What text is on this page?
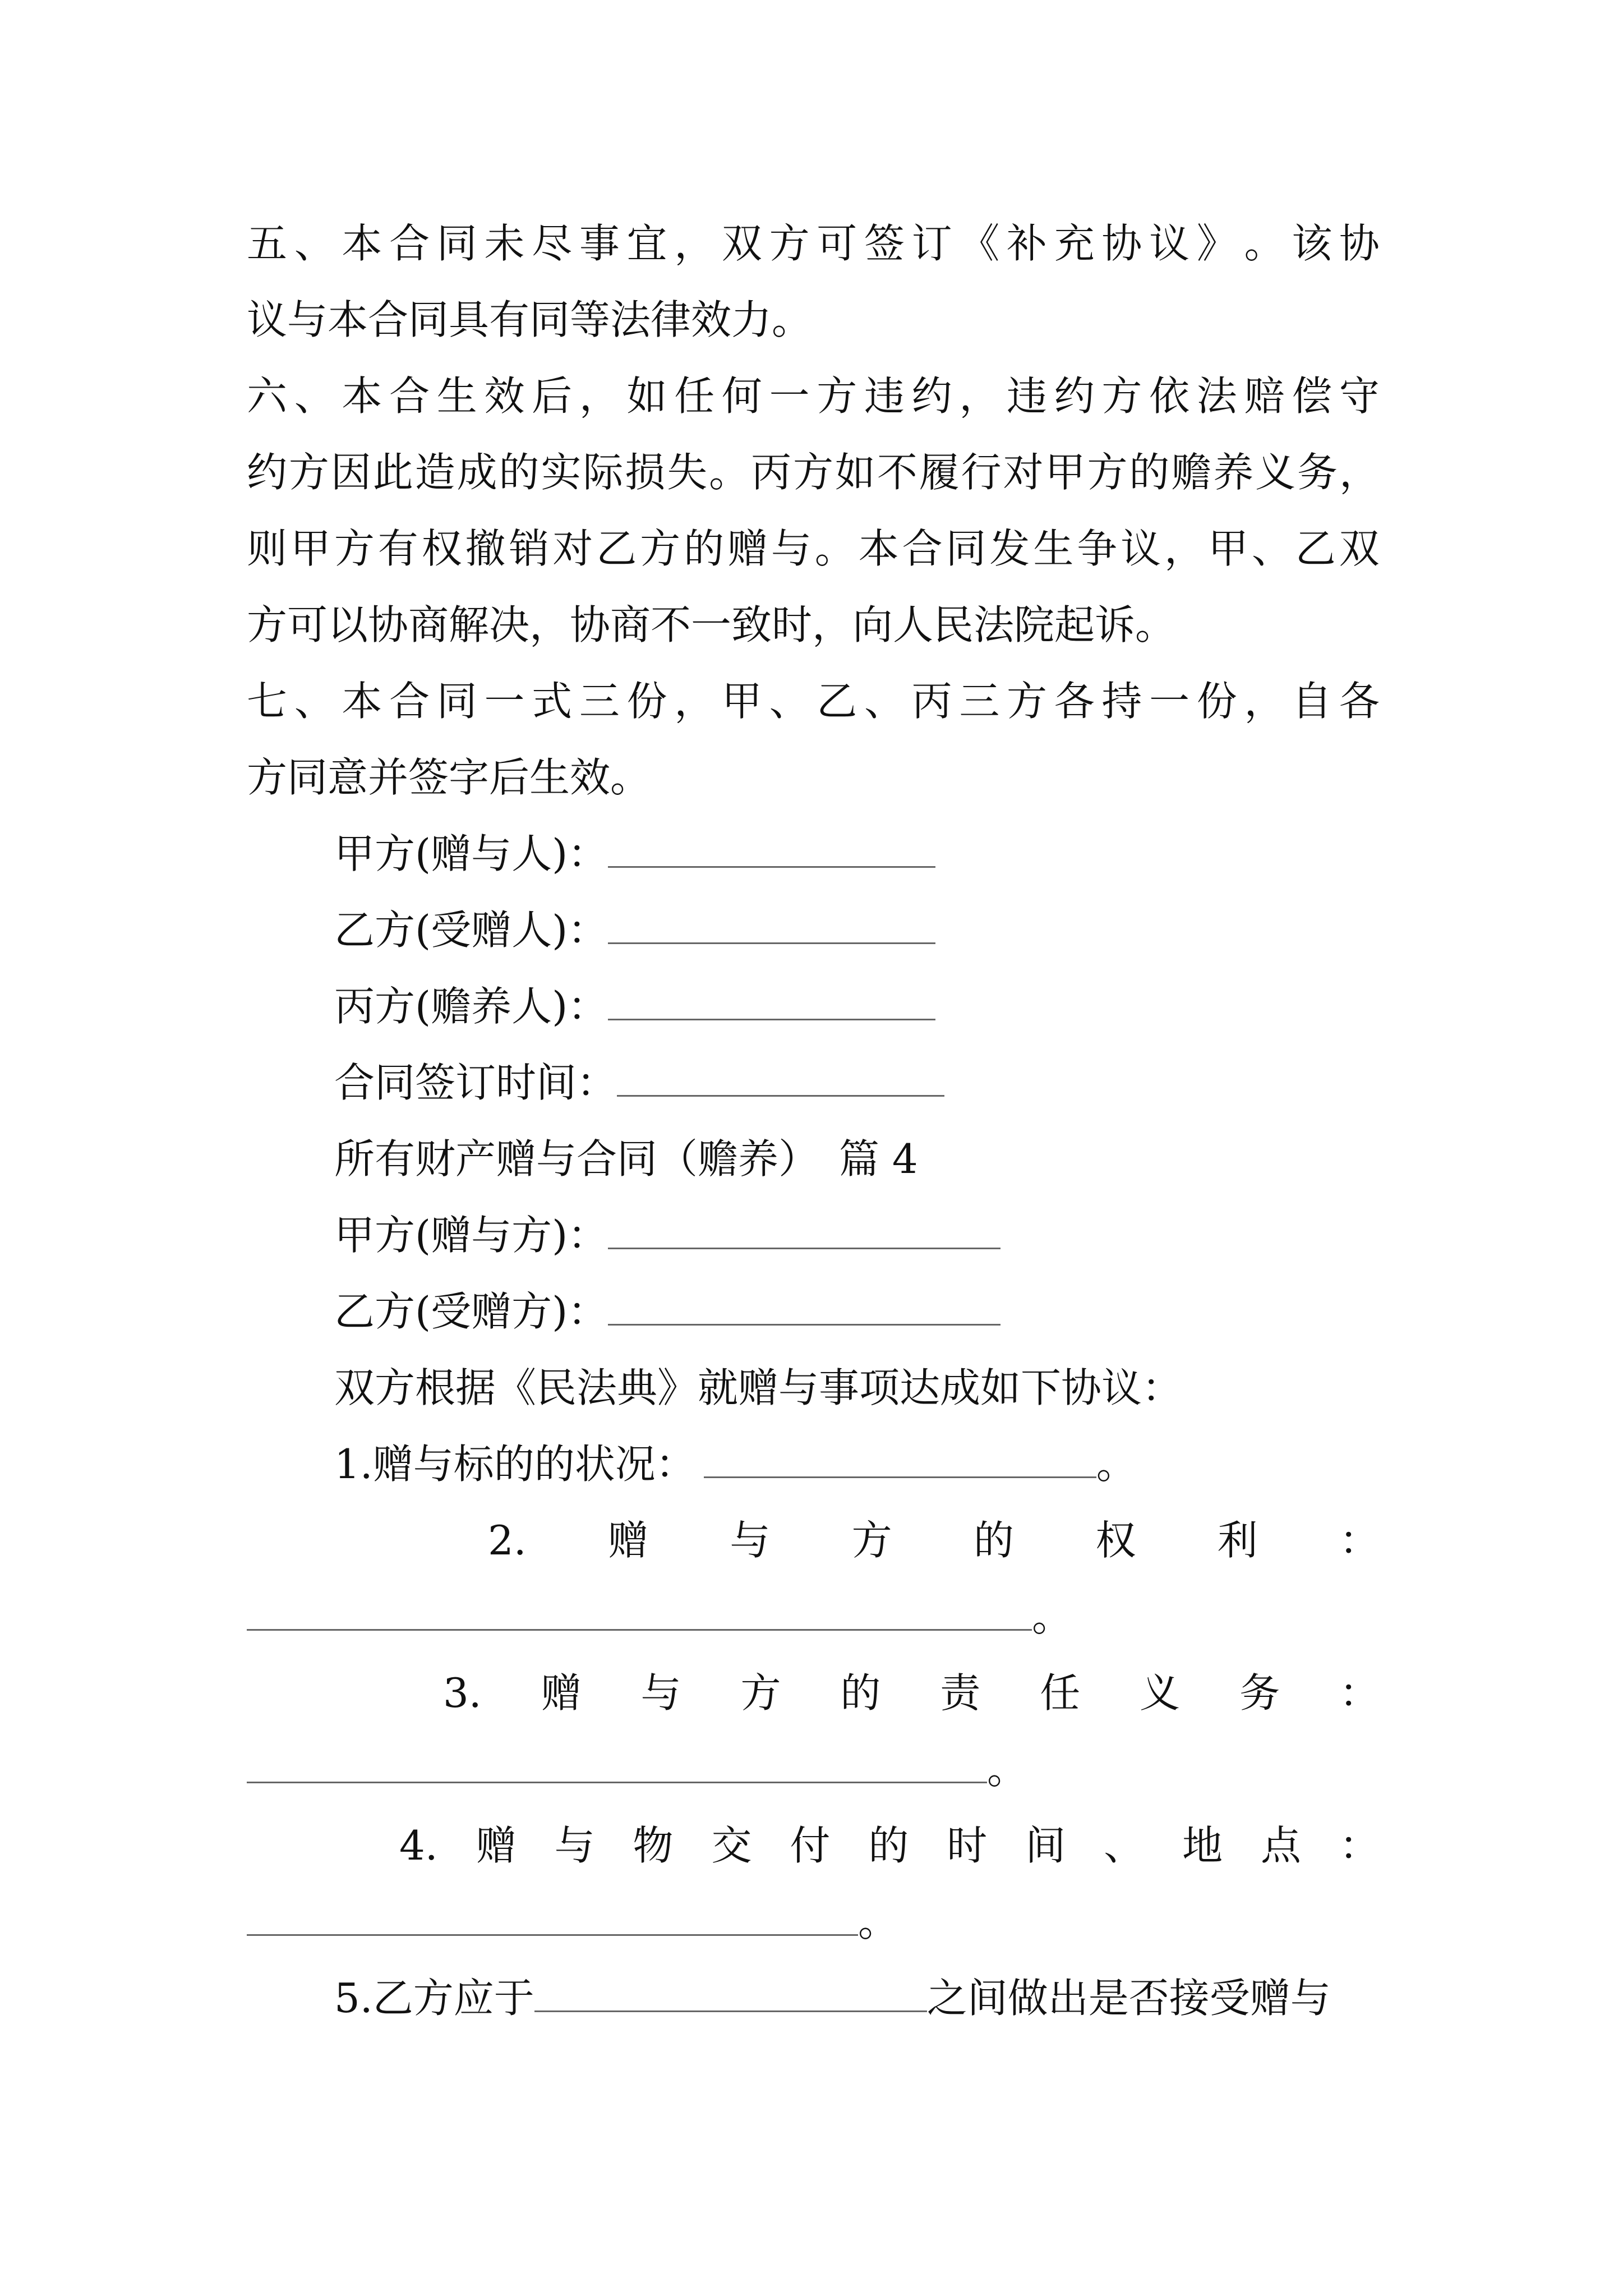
五 、 本 合 同 未 尽 事 宜 ， 双 方 可 签 订 《 补 充 协 议 》 。 该 协
议与本合同具有同等法律效力。
六 、 本 合 生 效 后 ， 如 任 何 一 方 违 约 ， 违 约 方 依 法 赔 偿 守
约 方 因 此 造 成 的 实 际 损 失 。 丙 方 如 不 履 行 对 甲 方 的 赡 养 义 务 ，
则 甲 方 有 权 撤 销 对 乙 方 的 赠 与 。 本 合 同 发 生 争 议 ， 甲 、 乙 双
方可以协商解决，协商不一致时，向人民法院起诉。
七 、 本 合 同 一 式 三 份 ， 甲 、 乙 、 丙 三 方 各 持 一 份 ， 自 各
方同意并签字后生效。
甲方(赠与人)：
乙方(受赠人)：
丙方(赡养人)：
合同签订时间：
所有财产赠与合同（赡养）　篇 4
甲方(赠与方)：
乙方(受赠方)：
双方根据《民法典》就赠与事项达成如下协议：
1.赠与标的的状况：	。
2. 赠 与 方 的 权 利 ：
。
3. 赠 与 方 的 责 任 义 务 ：
。
4. 赠 与 物 交 付 的 时 间 、 地 点 ：
。
5.乙方应于	之间做出是否接受赠与
